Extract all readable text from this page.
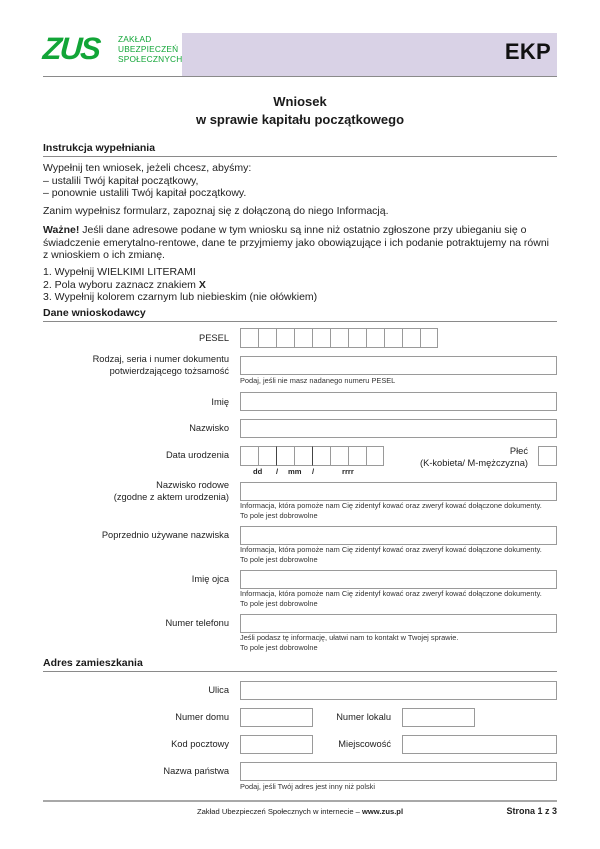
ZUS ZAKŁAD
UBEZPIECZEŃ
SPOŁECZNYCH	EKP
Wniosek
w sprawie kapitału początkowego
Instrukcja wypełniania
Wypełnij ten wniosek, jeżeli chcesz, abyśmy:
– ustalili Twój kapitał początkowy,
– ponownie ustalili Twój kapitał początkowy.
Zanim wypełnisz formularz, zapoznaj się z dołączoną do niego Informacją.
Ważne! Jeśli dane adresowe podane w tym wniosku są inne niż ostatnio zgłoszone przy ubieganiu się o świadczenie emerytalno-rentowe, dane te przyjmiemy jako obowiązujące i ich podanie potraktujemy na równi z wnioskiem o ich zmianę.
1. Wypełnij WIELKIMI LITERAMI
2. Pola wyboru zaznacz znakiem X
3. Wypełnij kolorem czarnym lub niebieskim (nie ołówkiem)
Dane wnioskodawcy
PESEL
Rodzaj, seria i numer dokumentu
potwierdzającego tożsamość
Podaj, jeśli nie masz nadanego numeru PESEL
Imię
Nazwisko
Data urodzenia
dd / mm /	rrrr
Płeć
(K-kobieta/ M-mężczyzna)
Nazwisko rodowe
(zgodne z aktem urodzenia)
Informacja, która pomoże nam Cię zidentyf kować oraz zweryf kować dołączone dokumenty.
To pole jest dobrowolne
Poprzednio używane nazwiska
Informacja, która pomoże nam Cię zidentyf kować oraz zweryf kować dołączone dokumenty.
To pole jest dobrowolne
Imię ojca
Informacja, która pomoże nam Cię zidentyf kować oraz zweryf kować dołączone dokumenty.
To pole jest dobrowolne
Numer telefonu
Jeśli podasz tę informację, ułatwi nam to kontakt w Twojej sprawie.
To pole jest dobrowolne
Adres zamieszkania
Ulica
Numer domu	Numer lokalu
Kod pocztowy	Miejscowość
Nazwa państwa
Podaj, jeśli Twój adres jest inny niż polski
Zakład Ubezpieczeń Społecznych w internecie – www.zus.pl	Strona 1 z 3
